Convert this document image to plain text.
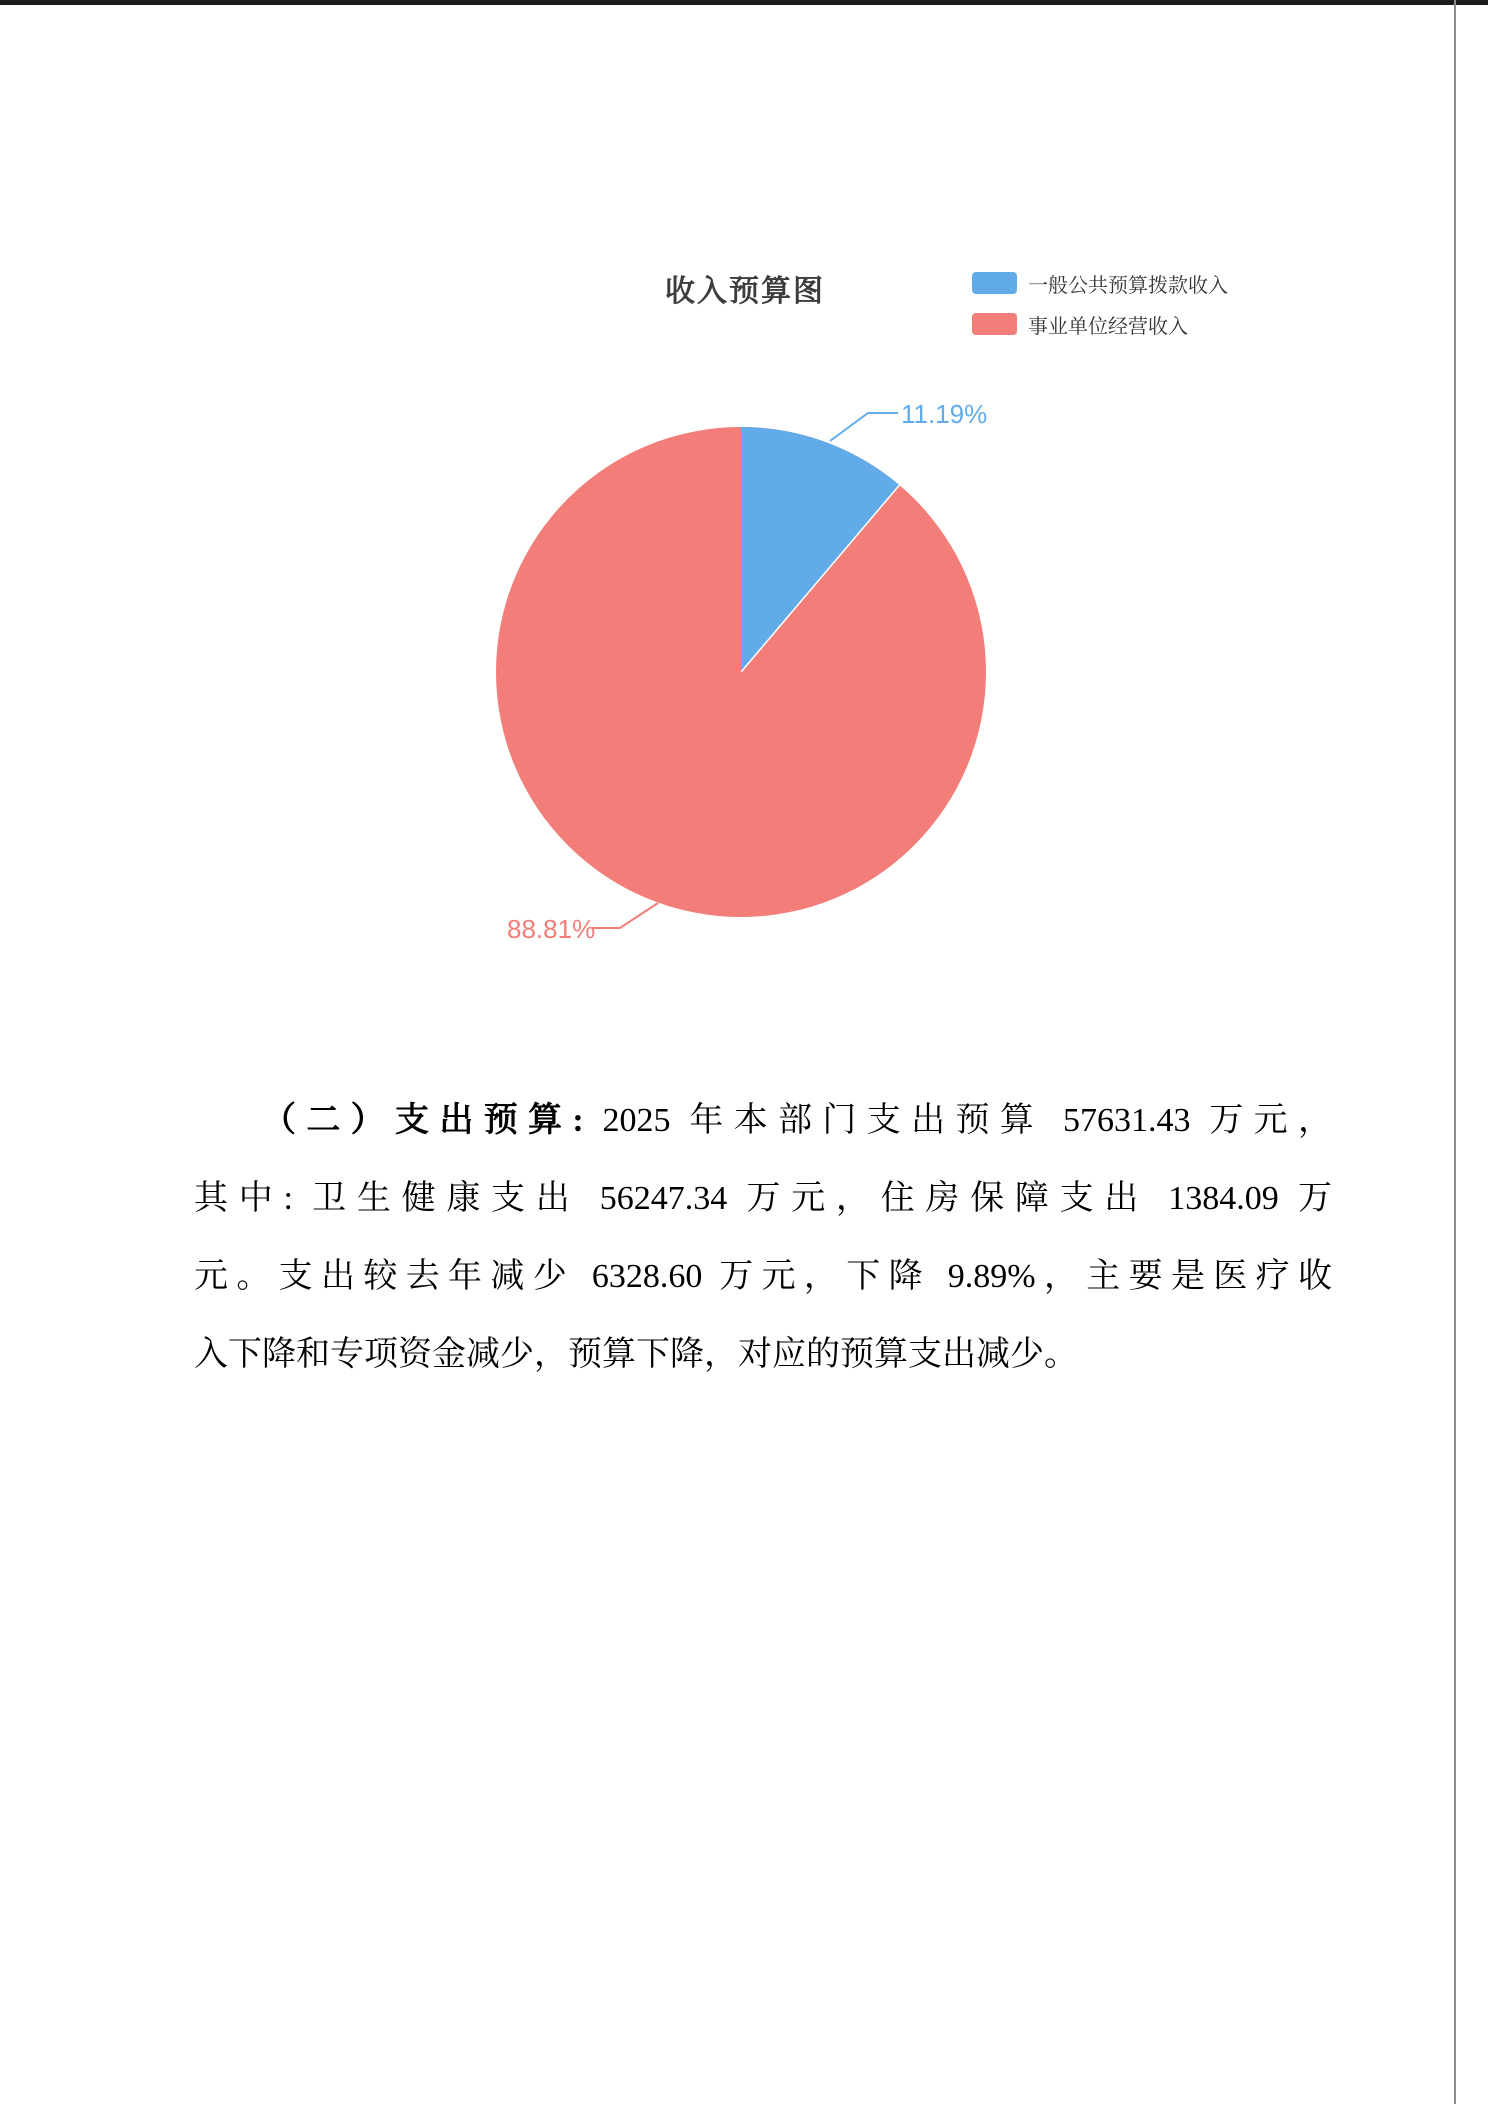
收入预算图	一般公共预算拨款收入
事业单位经营收入
11.19%
88.81%
（二）支出预算: 2025 年本部门支出预算 57631.43 万元，
其中: 卫生健康支出 56247.34 万元，住房保障支出 1384.09 万
元。支出较去年减少 6328.60 万元，下降 9.89%，主要是医疗收
入下降和专项资金减少，预算下降，对应的预算支出减少。
